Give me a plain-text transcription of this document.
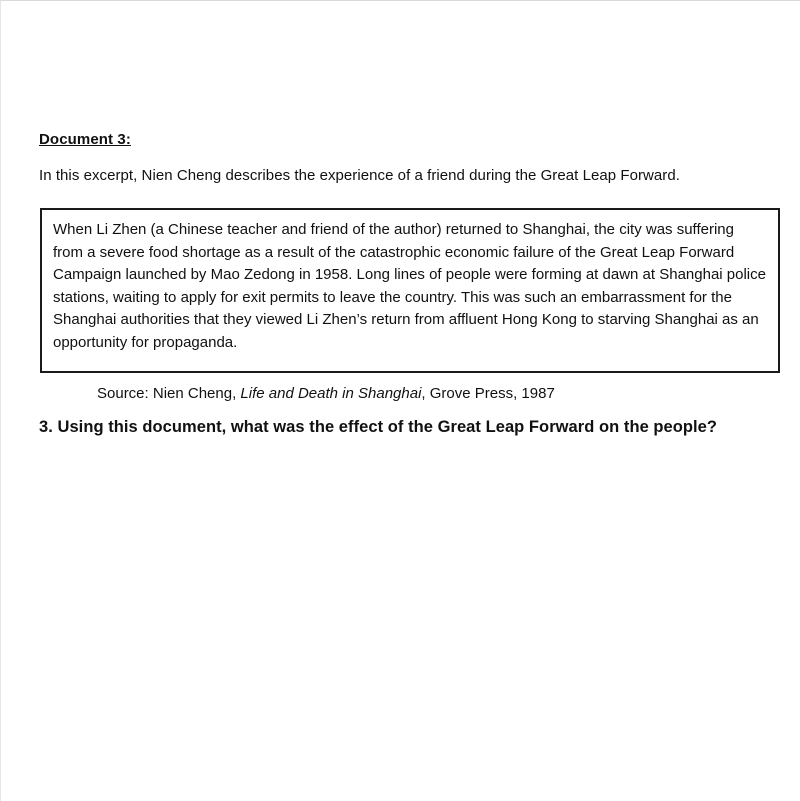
Document 3:
In this excerpt, Nien Cheng describes the experience of a friend during the Great Leap Forward.

When Li Zhen (a Chinese teacher and friend of the author) returned to Shanghai, the city was suffering from a severe food shortage as a result of the catastrophic economic failure of the Great Leap Forward Campaign launched by Mao Zedong in 1958. Long lines of people were forming at dawn at Shanghai police stations, waiting to apply for exit permits to leave the country. This was such an embarrassment for the Shanghai authorities that they viewed Li Zhen’s return from affluent Hong Kong to starving Shanghai as an opportunity for propaganda.

Source: Nien Cheng, Life and Death in Shanghai, Grove Press, 1987
3. Using this document, what was the effect of the Great Leap Forward on the people?
